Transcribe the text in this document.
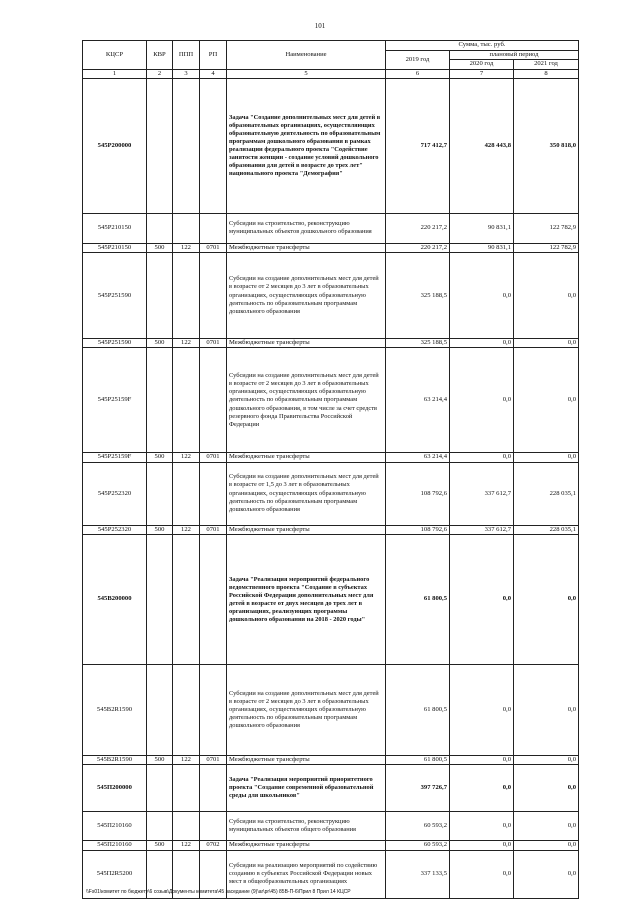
101
КЦСР	КВР	ППП	РП	Наименование	Сумма, тыс. руб.		
					2019 год	плановый период	
						2020 год	2021 год
1	2	3	4	5	6	7	8
545Р200000				Задача "Создание дополнительных мест для детей в образовательных организациях, осуществляющих образовательную деятельность по образовательным программам дошкольного образования в рамках реализации федерального проекта "Содействие занятости женщин - создание условий дошкольного образования для детей в возрасте до трех лет" национального проекта "Демография"	717 412,7	428 443,8	350 818,0
545Р210150				Субсидии на строительство, реконструкцию муниципальных объектов дошкольного образования	220 217,2	90 831,1	122 782,9
545Р210150	500	122	0701	Межбюджетные трансферты	220 217,2	90 831,1	122 782,9
545Р251590				Субсидии на создание дополнительных мест для детей в возрасте от 2 месяцев до 3 лет в образовательных организациях, осуществляющих образовательную деятельность по образовательным программам дошкольного образования	325 188,5	0,0	0,0
545Р251590	500	122	0701	Межбюджетные трансферты	325 188,5	0,0	0,0
545Р25159F				Субсидии на создание дополнительных мест для детей в возрасте от 2 месяцев до 3 лет в образовательных организациях, осуществляющих образовательную деятельность по образовательным программам дошкольного образования, в том числе за счет средств резервного фонда Правительства Российской Федерации	63 214,4	0,0	0,0
545Р25159F	500	122	0701	Межбюджетные трансферты	63 214,4	0,0	0,0
545Р252320				Субсидии на создание дополнительных мест для детей в возрасте от 1,5 до 3 лет в образовательных организациях, осуществляющих образовательную деятельность по образовательным программам дошкольного образования	108 792,6	337 612,7	228 035,1
545Р252320	500	122	0701	Межбюджетные трансферты	108 792,6	337 612,7	228 035,1
545В200000				Задача "Реализация мероприятий федерального ведомственного проекта "Создание в субъектах Российской Федерации дополнительных мест для детей в возрасте от двух месяцев до трех лет в организациях, реализующих программы дошкольного образования на 2018 - 2020 годы"	61 800,5	0,0	0,0
545В2R1590				Субсидии на создание дополнительных мест для детей в возрасте от 2 месяцев до 3 лет в образовательных организациях, осуществляющих образовательную деятельность по образовательным программам дошкольного образования	61 800,5	0,0	0,0
545В2R1590	500	122	0701	Межбюджетные трансферты	61 800,5	0,0	0,0
545П200000				Задача "Реализация мероприятий приоритетного проекта "Создание современной образовательной среды для школьников"	397 726,7	0,0	0,0
545П210160				Субсидии на строительство, реконструкцию муниципальных объектов общего образования	60 593,2	0,0	0,0
545П210160	500	122	0702	Межбюджетные трансферты	60 593,2	0,0	0,0
545П2R5200				Субсидии на реализацию мероприятий по содействию созданию в субъектах Российской Федерации новых мест в общеобразовательных организациях	337 133,5	0,0	0,0
\\Fs01\комитет по бюджету\6 созыв\Документы комитета\45 заседание (9)\ar\pr\45) 85В-П-6\Прил 8 Прил 14 КЦСР
